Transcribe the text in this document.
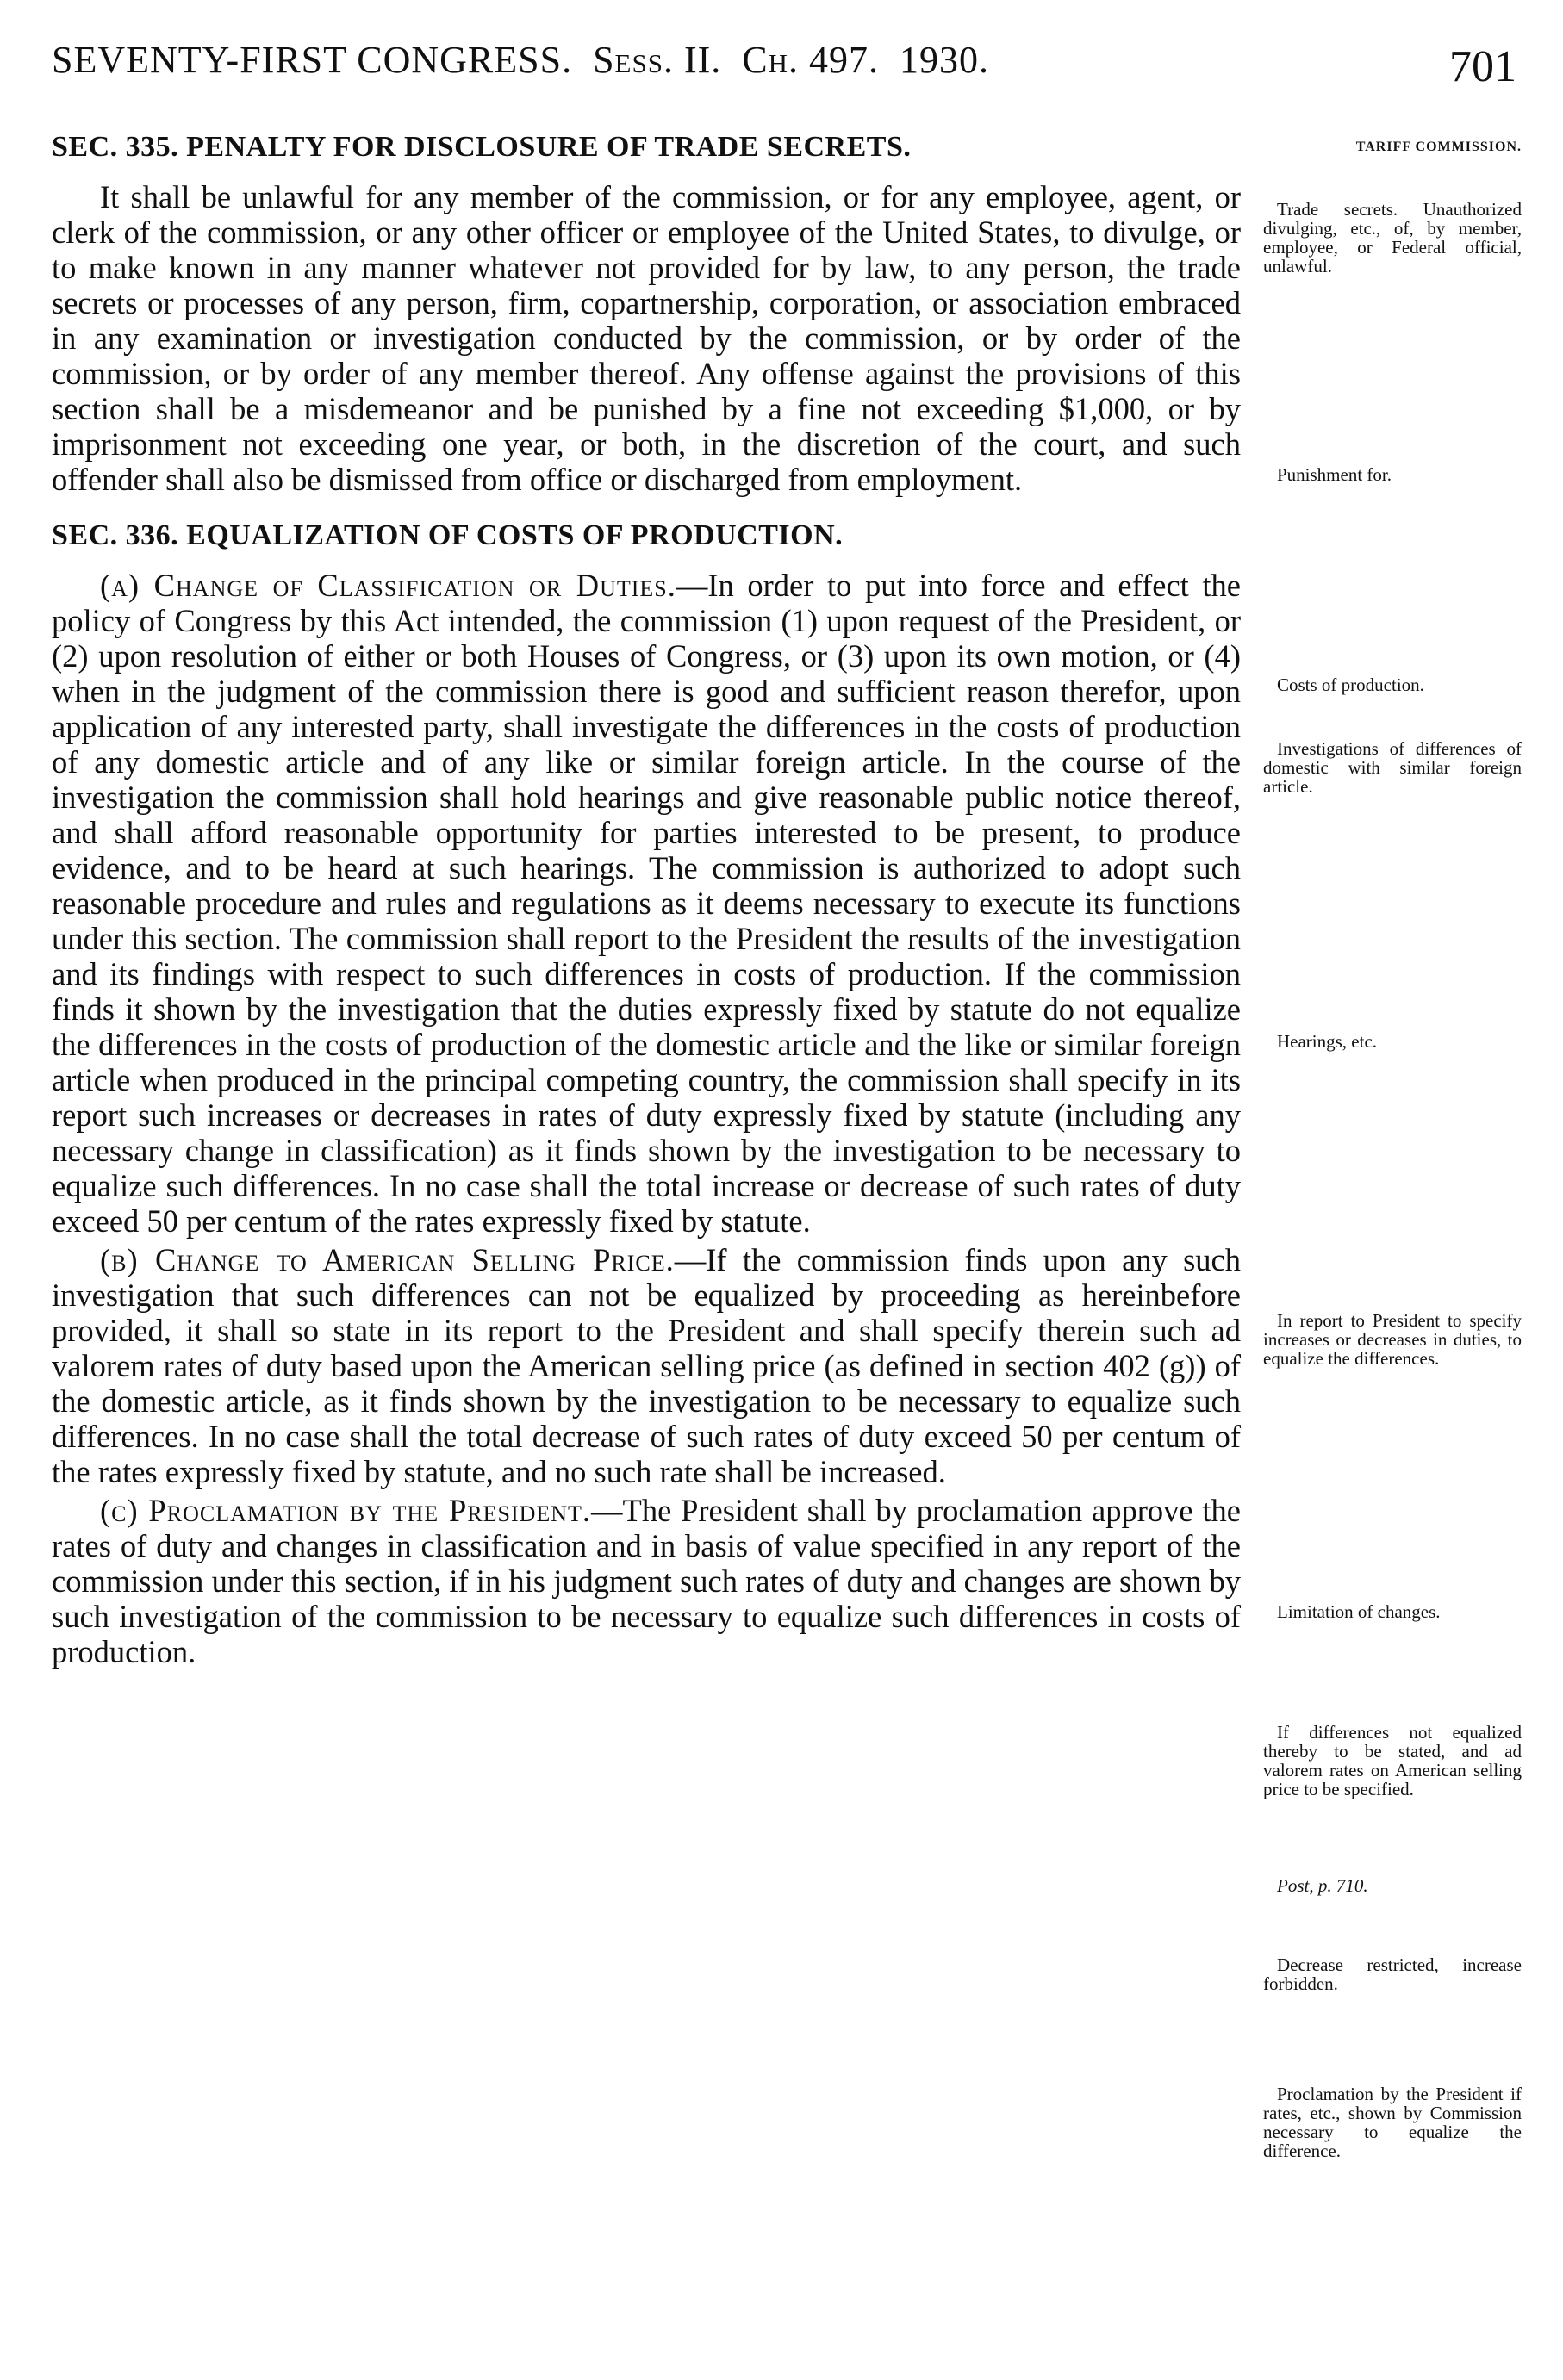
SEVENTY-FIRST CONGRESS. Sess. II. Ch. 497. 1930.	701
SEC. 335. PENALTY FOR DISCLOSURE OF TRADE SECRETS.

It shall be unlawful for any member of the commission, or for any employee, agent, or clerk of the commission, or any other officer or employee of the United States, to divulge, or to make known in any manner whatever not provided for by law, to any person, the trade secrets or processes of any person, firm, copartnership, corporation, or association embraced in any examination or investigation conducted by the commission, or by order of the commission, or by order of any member thereof. Any offense against the provisions of this section shall be a misdemeanor and be punished by a fine not exceeding $1,000, or by imprisonment not exceeding one year, or both, in the discretion of the court, and such offender shall also be dismissed from office or discharged from employment.

SEC. 336. EQUALIZATION OF COSTS OF PRODUCTION.

(a) Change of Classification or Duties.—In order to put into force and effect the policy of Congress by this Act intended, the commission (1) upon request of the President, or (2) upon resolution of either or both Houses of Congress, or (3) upon its own motion, or (4) when in the judgment of the commission there is good and sufficient reason therefor, upon application of any interested party, shall investigate the differences in the costs of production of any domestic article and of any like or similar foreign article. In the course of the investigation the commission shall hold hearings and give reasonable public notice thereof, and shall afford reasonable opportunity for parties interested to be present, to produce evidence, and to be heard at such hearings. The commission is authorized to adopt such reasonable procedure and rules and regulations as it deems necessary to execute its functions under this section. The commission shall report to the President the results of the investigation and its findings with respect to such differences in costs of production. If the commission finds it shown by the investigation that the duties expressly fixed by statute do not equalize the differences in the costs of production of the domestic article and the like or similar foreign article when produced in the principal competing country, the commission shall specify in its report such increases or decreases in rates of duty expressly fixed by statute (including any necessary change in classification) as it finds shown by the investigation to be necessary to equalize such differences. In no case shall the total increase or decrease of such rates of duty exceed 50 per centum of the rates expressly fixed by statute.

(b) Change to American Selling Price.—If the commission finds upon any such investigation that such differences can not be equalized by proceeding as hereinbefore provided, it shall so state in its report to the President and shall specify therein such ad valorem rates of duty based upon the American selling price (as defined in section 402 (g)) of the domestic article, as it finds shown by the investigation to be necessary to equalize such differences. In no case shall the total decrease of such rates of duty exceed 50 per centum of the rates expressly fixed by statute, and no such rate shall be increased.

(c) Proclamation by the President.—The President shall by proclamation approve the rates of duty and changes in classification and in basis of value specified in any report of the commission under this section, if in his judgment such rates of duty and changes are shown by such investigation of the commission to be necessary to equalize such differences in costs of production.

TARIFF COMMISSION.
Trade secrets. Unauthorized divulging, etc., of, by member, employee, or Federal official, unlawful.
Punishment for.
Costs of production.
Investigations of differences of domestic with similar foreign article.
Hearings, etc.
In report to President to specify increases or decreases in duties, to equalize the differences.
Limitation of changes.
If differences not equalized thereby to be stated, and ad valorem rates on American selling price to be specified.
Post, p. 710.
Decrease restricted, increase forbidden.
Proclamation by the President if rates, etc., shown by Commission necessary to equalize the difference.
